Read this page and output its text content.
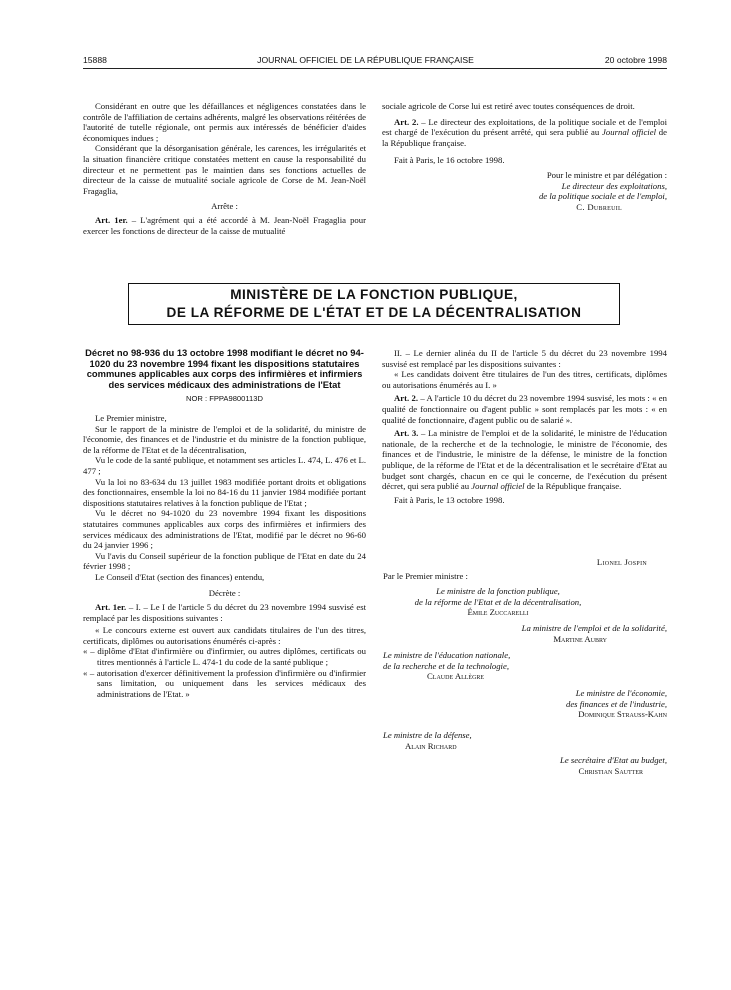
15888	JOURNAL OFFICIEL DE LA RÉPUBLIQUE FRANÇAISE	20 octobre 1998

Considérant en outre que les défaillances et négligences constatées dans le contrôle de l'affiliation de certains adhérents, malgré les observations réitérées de l'autorité de tutelle régionale, ont permis aux intéressés de bénéficier d'aides économiques indues ;

Considérant que la désorganisation générale, les carences, les irrégularités et la situation financière critique constatées mettent en cause la responsabilité du directeur et ne permettent pas le maintien dans ses fonctions actuelles de directeur de la caisse de mutualité sociale agricole de Corse de M. Jean-Noël Fragaglia,

Arrête :

Art. 1er. – L'agrément qui a été accordé à M. Jean-Noël Fragaglia pour exercer les fonctions de directeur de la caisse de mutualité

sociale agricole de Corse lui est retiré avec toutes conséquences de droit.

Art. 2. – Le directeur des exploitations, de la politique sociale et de l'emploi est chargé de l'exécution du présent arrêté, qui sera publié au Journal officiel de la République française.

Fait à Paris, le 16 octobre 1998.

Pour le ministre et par délégation :

Le directeur des exploitations,

de la politique sociale et de l'emploi,

C. Dubreuil

MINISTÈRE DE LA FONCTION PUBLIQUE,
DE LA RÉFORME DE L'ÉTAT ET DE LA DÉCENTRALISATION

Décret no 98-936 du 13 octobre 1998 modifiant le décret no 94-1020 du 23 novembre 1994 fixant les dispositions statutaires communes applicables aux corps des infirmières et infirmiers des services médicaux des administrations de l'Etat

NOR : FPPA9800113D

Le Premier ministre,

Sur le rapport de la ministre de l'emploi et de la solidarité, du ministre de l'économie, des finances et de l'industrie et du ministre de la fonction publique, de la réforme de l'Etat et de la décentralisation,

Vu le code de la santé publique, et notamment ses articles L. 474, L. 476 et L. 477 ;

Vu la loi no 83-634 du 13 juillet 1983 modifiée portant droits et obligations des fonctionnaires, ensemble la loi no 84-16 du 11 janvier 1984 modifiée portant dispositions statutaires relatives à la fonction publique de l'Etat ;

Vu le décret no 94-1020 du 23 novembre 1994 fixant les dispositions statutaires communes applicables aux corps des infirmières et infirmiers des services médicaux des administrations de l'Etat, modifié par le décret no 96-60 du 24 janvier 1996 ;

Vu l'avis du Conseil supérieur de la fonction publique de l'Etat en date du 24 février 1998 ;

Le Conseil d'Etat (section des finances) entendu,

Décrète :

Art. 1er. – I. – Le I de l'article 5 du décret du 23 novembre 1994 susvisé est remplacé par les dispositions suivantes :

« Le concours externe est ouvert aux candidats titulaires de l'un des titres, certificats, diplômes ou autorisations énumérés ci-après :

« – diplôme d'Etat d'infirmière ou d'infirmier, ou autres diplômes, certificats ou titres mentionnés à l'article L. 474-1 du code de la santé publique ;

« – autorisation d'exercer définitivement la profession d'infirmière ou d'infirmier sans limitation, ou uniquement dans les services médicaux des administrations de l'Etat. »

II. – Le dernier alinéa du II de l'article 5 du décret du 23 novembre 1994 susvisé est remplacé par les dispositions suivantes :

« Les candidats doivent être titulaires de l'un des titres, certificats, diplômes ou autorisations énumérés au I. »

Art. 2. – A l'article 10 du décret du 23 novembre 1994 susvisé, les mots : « en qualité de fonctionnaire ou d'agent public » sont remplacés par les mots : « en qualité de fonctionnaire, d'agent public ou de salarié ».

Art. 3. – La ministre de l'emploi et de la solidarité, le ministre de l'éducation nationale, de la recherche et de la technologie, le ministre de l'économie, des finances et de l'industrie, le ministre de la défense, le ministre de la fonction publique, de la réforme de l'Etat et de la décentralisation et le secrétaire d'Etat au budget sont chargés, chacun en ce qui le concerne, de l'exécution du présent décret, qui sera publié au Journal officiel de la République française.

Fait à Paris, le 13 octobre 1998.

Lionel Jospin
Par le Premier ministre :
Le ministre de la fonction publique,
de la réforme de l'Etat et de la décentralisation,
Émile Zuccarelli
La ministre de l'emploi et de la solidarité,
Martine Aubry
Le ministre de l'éducation nationale,
de la recherche et de la technologie,
Claude Allègre
Le ministre de l'économie,
des finances et de l'industrie,
Dominique Strauss-Kahn
Le ministre de la défense,
Alain Richard
Le secrétaire d'Etat au budget,
Christian Sautter
